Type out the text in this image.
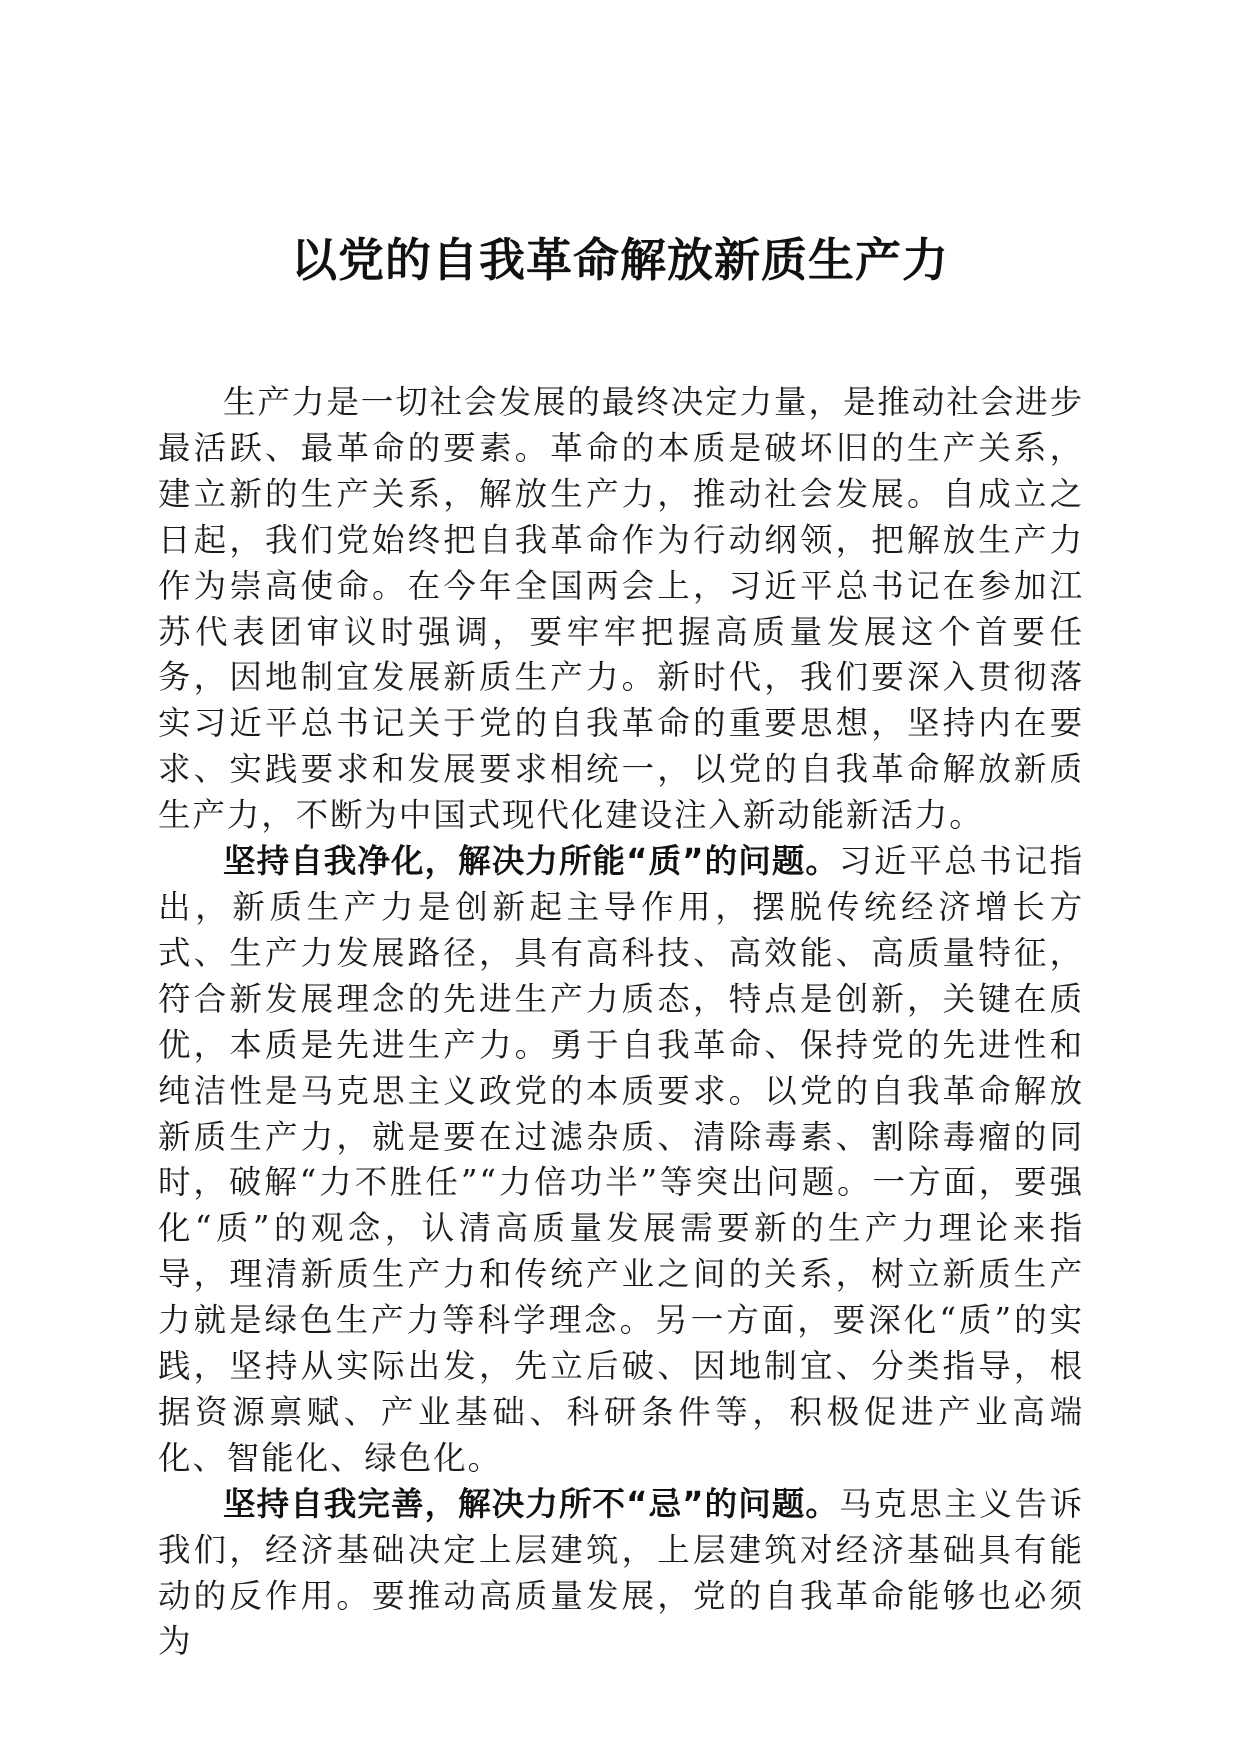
以党的自我革命解放新质生产力

生产力是一切社会发展的最终决定力量，是推动社会进步最活跃、最革命的要素。革命的本质是破坏旧的生产关系，建立新的生产关系，解放生产力，推动社会发展。自成立之日起，我们党始终把自我革命作为行动纲领，把解放生产力作为崇高使命。在今年全国两会上，习近平总书记在参加江苏代表团审议时强调，要牢牢把握高质量发展这个首要任务，因地制宜发展新质生产力。新时代，我们要深入贯彻落实习近平总书记关于党的自我革命的重要思想，坚持内在要求、实践要求和发展要求相统一，以党的自我革命解放新质生产力，不断为中国式现代化建设注入新动能新活力。

坚持自我净化，解决力所能“质”的问题。习近平总书记指出，新质生产力是创新起主导作用，摆脱传统经济增长方式、生产力发展路径，具有高科技、高效能、高质量特征，符合新发展理念的先进生产力质态，特点是创新，关键在质优，本质是先进生产力。勇于自我革命、保持党的先进性和纯洁性是马克思主义政党的本质要求。以党的自我革命解放新质生产力，就是要在过滤杂质、清除毒素、割除毒瘤的同时，破解“力不胜任”“力倍功半”等突出问题。一方面，要强化“质”的观念，认清高质量发展需要新的生产力理论来指导，理清新质生产力和传统产业之间的关系，树立新质生产力就是绿色生产力等科学理念。另一方面，要深化“质”的实践，坚持从实际出发，先立后破、因地制宜、分类指导，根据资源禀赋、产业基础、科研条件等，积极促进产业高端化、智能化、绿色化。

坚持自我完善，解决力所不“忌”的问题。马克思主义告诉我们，经济基础决定上层建筑，上层建筑对经济基础具有能动的反作用。要推动高质量发展，党的自我革命能够也必须为
